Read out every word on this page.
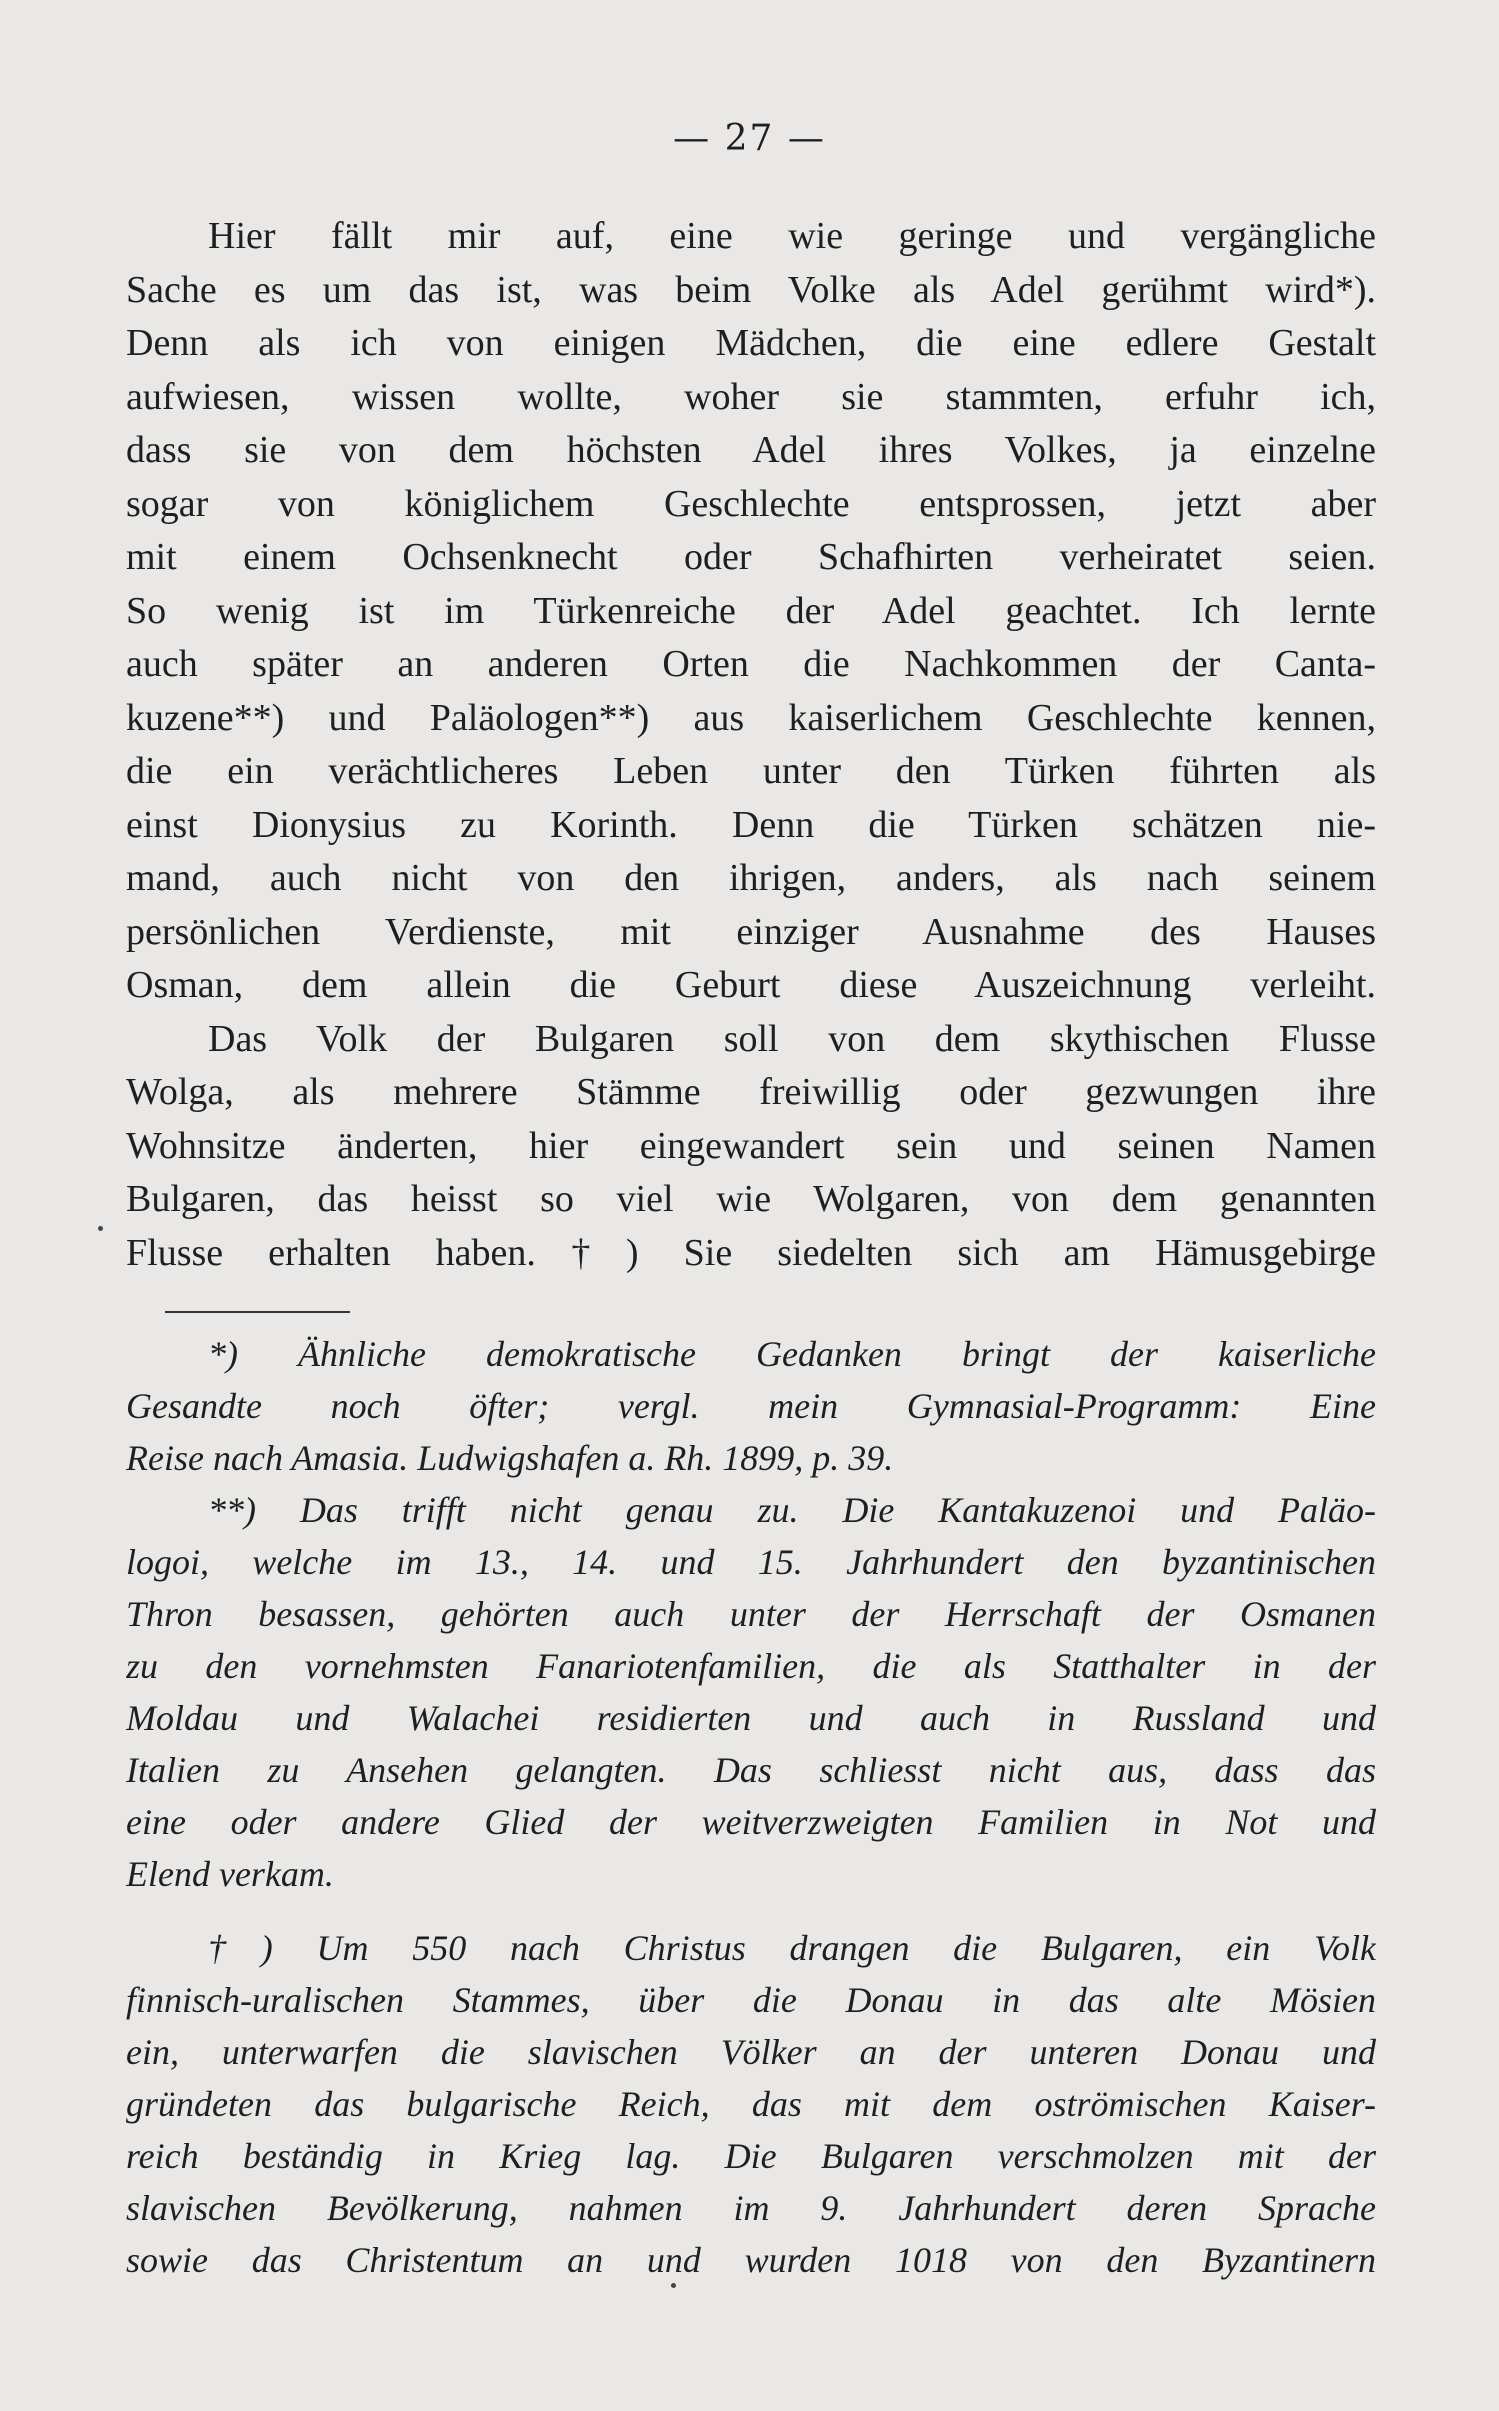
— 27 —
Hier fällt mir auf, eine wie geringe und vergängliche
Sache es um das ist, was beim Volke als Adel gerühmt wird*).
Denn als ich von einigen Mädchen, die eine edlere Gestalt
aufwiesen, wissen wollte, woher sie stammten, erfuhr ich,
dass sie von dem höchsten Adel ihres Volkes, ja einzelne
sogar von königlichem Geschlechte entsprossen, jetzt aber
mit einem Ochsenknecht oder Schafhirten verheiratet seien.
So wenig ist im Türkenreiche der Adel geachtet. Ich lernte
auch später an anderen Orten die Nachkommen der Canta-
kuzene**) und Paläologen**) aus kaiserlichem Geschlechte kennen,
die ein verächtlicheres Leben unter den Türken führten als
einst Dionysius zu Korinth. Denn die Türken schätzen nie-
mand, auch nicht von den ihrigen, anders, als nach seinem
persönlichen Verdienste, mit einziger Ausnahme des Hauses
Osman, dem allein die Geburt diese Auszeichnung verleiht.
Das Volk der Bulgaren soll von dem skythischen Flusse
Wolga, als mehrere Stämme freiwillig oder gezwungen ihre
Wohnsitze änderten, hier eingewandert sein und seinen Namen
Bulgaren, das heisst so viel wie Wolgaren, von dem genannten
Flusse erhalten haben.†) Sie siedelten sich am Hämusgebirge
*) Ähnliche demokratische Gedanken bringt der kaiserliche
Gesandte noch öfter; vergl. mein Gymnasial-Programm: Eine
Reise nach Amasia. Ludwigshafen a. Rh. 1899, p. 39.
**) Das trifft nicht genau zu. Die Kantakuzenoi und Paläo-
logoi, welche im 13., 14. und 15. Jahrhundert den byzantinischen
Thron besassen, gehörten auch unter der Herrschaft der Osmanen
zu den vornehmsten Fanariotenfamilien, die als Statthalter in der
Moldau und Walachei residierten und auch in Russland und
Italien zu Ansehen gelangten. Das schliesst nicht aus, dass das
eine oder andere Glied der weitverzweigten Familien in Not und
Elend verkam.
†) Um 550 nach Christus drangen die Bulgaren, ein Volk
finnisch-uralischen Stammes, über die Donau in das alte Mösien
ein, unterwarfen die slavischen Völker an der unteren Donau und
gründeten das bulgarische Reich, das mit dem oströmischen Kaiser-
reich beständig in Krieg lag. Die Bulgaren verschmolzen mit der
slavischen Bevölkerung, nahmen im 9. Jahrhundert deren Sprache
sowie das Christentum an und wurden 1018 von den Byzantinern
